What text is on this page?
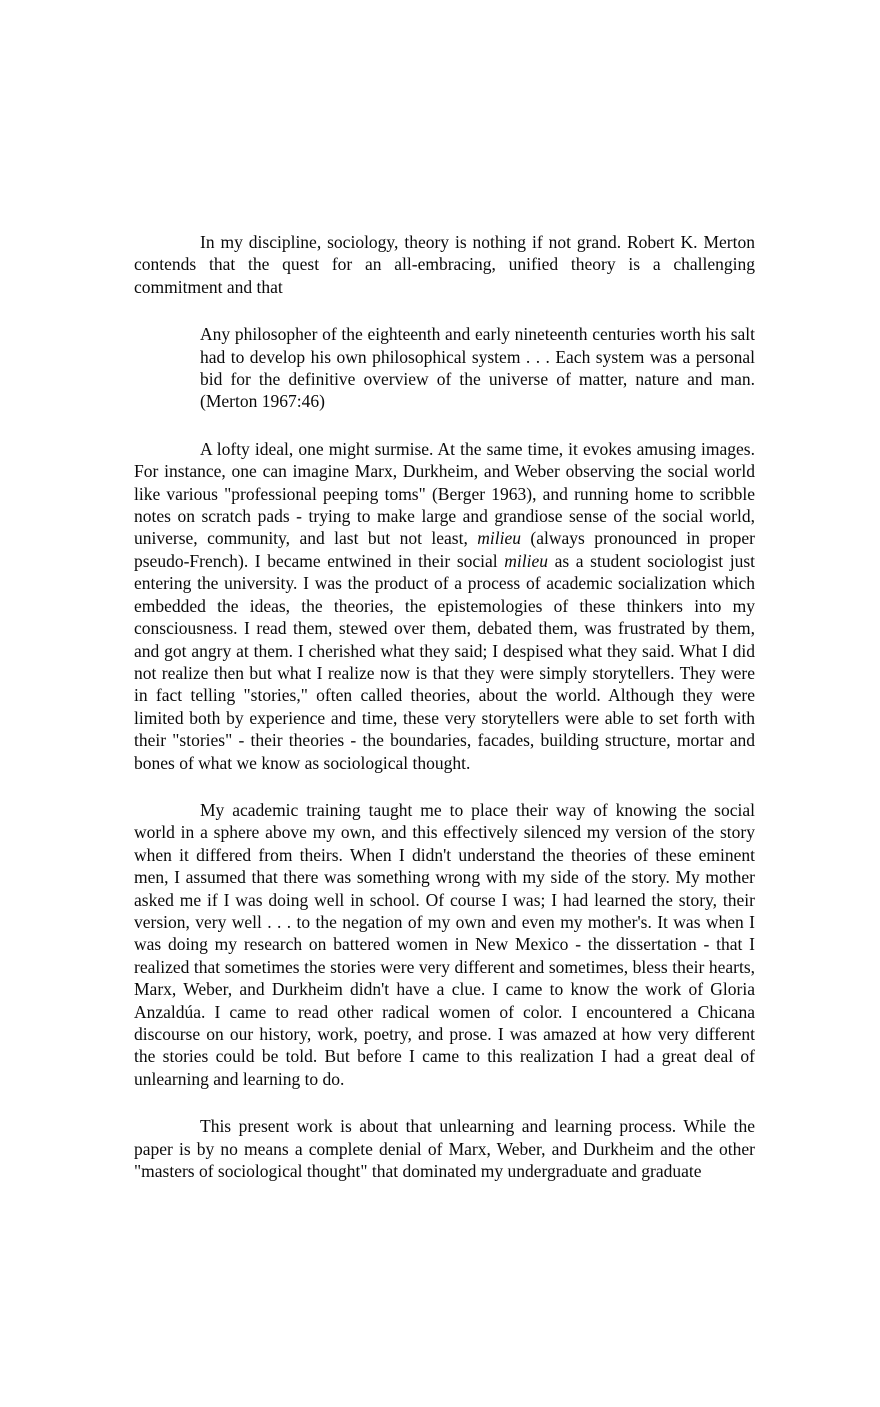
In my discipline, sociology, theory is nothing if not grand. Robert K. Merton contends that the quest for an all-embracing, unified theory is a challenging commitment and that

Any philosopher of the eighteenth and early nineteenth centuries worth his salt had to develop his own philosophical system . . . Each system was a personal bid for the definitive overview of the universe of matter, nature and man. (Merton 1967:46)

A lofty ideal, one might surmise. At the same time, it evokes amusing images. For instance, one can imagine Marx, Durkheim, and Weber observing the social world like various "professional peeping toms" (Berger 1963), and running home to scribble notes on scratch pads - trying to make large and grandiose sense of the social world, universe, community, and last but not least, milieu (always pronounced in proper pseudo-French). I became entwined in their social milieu as a student sociologist just entering the university. I was the product of a process of academic socialization which embedded the ideas, the theories, the epistemologies of these thinkers into my consciousness. I read them, stewed over them, debated them, was frustrated by them, and got angry at them. I cherished what they said; I despised what they said. What I did not realize then but what I realize now is that they were simply storytellers. They were in fact telling "stories," often called theories, about the world. Although they were limited both by experience and time, these very storytellers were able to set forth with their "stories" - their theories - the boundaries, facades, building structure, mortar and bones of what we know as sociological thought.

My academic training taught me to place their way of knowing the social world in a sphere above my own, and this effectively silenced my version of the story when it differed from theirs. When I didn't understand the theories of these eminent men, I assumed that there was something wrong with my side of the story. My mother asked me if I was doing well in school. Of course I was; I had learned the story, their version, very well . . . to the negation of my own and even my mother's. It was when I was doing my research on battered women in New Mexico - the dissertation - that I realized that sometimes the stories were very different and sometimes, bless their hearts, Marx, Weber, and Durkheim didn't have a clue. I came to know the work of Gloria Anzaldúa. I came to read other radical women of color. I encountered a Chicana discourse on our history, work, poetry, and prose. I was amazed at how very different the stories could be told. But before I came to this realization I had a great deal of unlearning and learning to do.

This present work is about that unlearning and learning process. While the paper is by no means a complete denial of Marx, Weber, and Durkheim and the other "masters of sociological thought" that dominated my undergraduate and graduate
